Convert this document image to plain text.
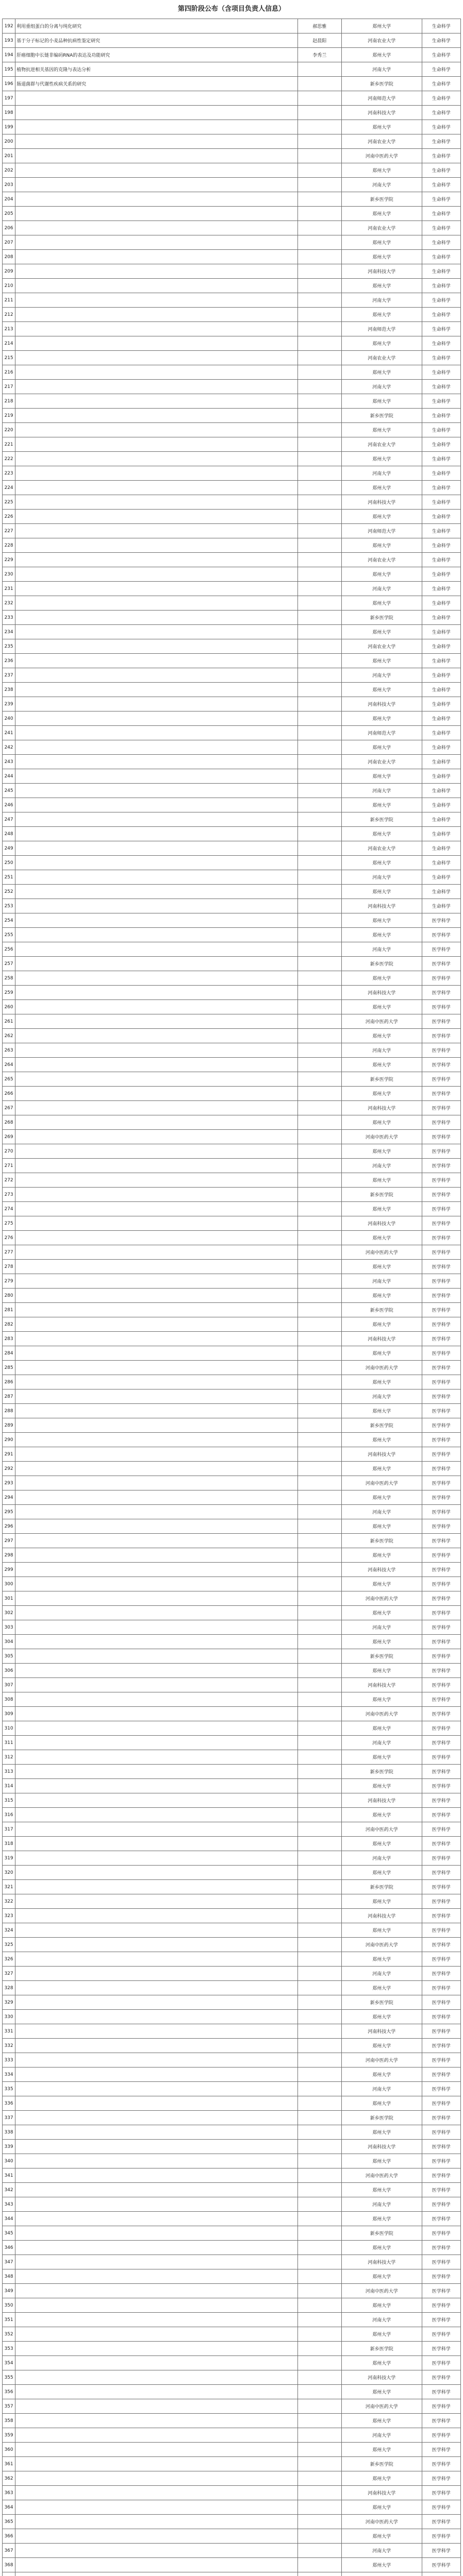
第四阶段公布（含项目负责人信息）
192	利用重组蛋白的分离与纯化研究	郝思雅	郑州大学	生命科学
193	基于分子标记的小麦品种抗病性鉴定研究	赵晨阳	河南农业大学	生命科学
194	肝癌细胞中长链非编码RNA的表达及功能研究	李秀兰	郑州大学	生命科学
195	植物抗逆相关基因的克隆与表达分析		河南大学	生命科学
196	肠道菌群与代谢性疾病关系的研究		新乡医学院	生命科学
197			河南师范大学	生命科学
198			河南科技大学	生命科学
199			郑州大学	生命科学
200			河南农业大学	生命科学
201			河南中医药大学	生命科学
202			郑州大学	生命科学
203			河南大学	生命科学
204			新乡医学院	生命科学
205			郑州大学	生命科学
206			河南农业大学	生命科学
207			郑州大学	生命科学
208			郑州大学	生命科学
209			河南科技大学	生命科学
210			郑州大学	生命科学
211			河南大学	生命科学
212			郑州大学	生命科学
213			河南师范大学	生命科学
214			郑州大学	生命科学
215			河南农业大学	生命科学
216			郑州大学	生命科学
217			河南大学	生命科学
218			郑州大学	生命科学
219			新乡医学院	生命科学
220			郑州大学	生命科学
221			河南农业大学	生命科学
222			郑州大学	生命科学
223			河南大学	生命科学
224			郑州大学	生命科学
225			河南科技大学	生命科学
226			郑州大学	生命科学
227			河南师范大学	生命科学
228			郑州大学	生命科学
229			河南农业大学	生命科学
230			郑州大学	生命科学
231			河南大学	生命科学
232			郑州大学	生命科学
233			新乡医学院	生命科学
234			郑州大学	生命科学
235			河南农业大学	生命科学
236			郑州大学	生命科学
237			河南大学	生命科学
238			郑州大学	生命科学
239			河南科技大学	生命科学
240			郑州大学	生命科学
241			河南师范大学	生命科学
242			郑州大学	生命科学
243			河南农业大学	生命科学
244			郑州大学	生命科学
245			河南大学	生命科学
246			郑州大学	生命科学
247			新乡医学院	生命科学
248			郑州大学	生命科学
249			河南农业大学	生命科学
250			郑州大学	生命科学
251			河南大学	生命科学
252			郑州大学	生命科学
253			河南科技大学	生命科学
254			郑州大学	医学科学
255			郑州大学	医学科学
256			河南大学	医学科学
257			新乡医学院	医学科学
258			郑州大学	医学科学
259			河南科技大学	医学科学
260			郑州大学	医学科学
261			河南中医药大学	医学科学
262			郑州大学	医学科学
263			河南大学	医学科学
264			郑州大学	医学科学
265			新乡医学院	医学科学
266			郑州大学	医学科学
267			河南科技大学	医学科学
268			郑州大学	医学科学
269			河南中医药大学	医学科学
270			郑州大学	医学科学
271			河南大学	医学科学
272			郑州大学	医学科学
273			新乡医学院	医学科学
274			郑州大学	医学科学
275			河南科技大学	医学科学
276			郑州大学	医学科学
277			河南中医药大学	医学科学
278			郑州大学	医学科学
279			河南大学	医学科学
280			郑州大学	医学科学
281			新乡医学院	医学科学
282			郑州大学	医学科学
283			河南科技大学	医学科学
284			郑州大学	医学科学
285			河南中医药大学	医学科学
286			郑州大学	医学科学
287			河南大学	医学科学
288			郑州大学	医学科学
289			新乡医学院	医学科学
290			郑州大学	医学科学
291			河南科技大学	医学科学
292			郑州大学	医学科学
293			河南中医药大学	医学科学
294			郑州大学	医学科学
295			河南大学	医学科学
296			郑州大学	医学科学
297			新乡医学院	医学科学
298			郑州大学	医学科学
299			河南科技大学	医学科学
300			郑州大学	医学科学
301			河南中医药大学	医学科学
302			郑州大学	医学科学
303			河南大学	医学科学
304			郑州大学	医学科学
305			新乡医学院	医学科学
306			郑州大学	医学科学
307			河南科技大学	医学科学
308			郑州大学	医学科学
309			河南中医药大学	医学科学
310			郑州大学	医学科学
311			河南大学	医学科学
312			郑州大学	医学科学
313			新乡医学院	医学科学
314			郑州大学	医学科学
315			河南科技大学	医学科学
316			郑州大学	医学科学
317			河南中医药大学	医学科学
318			郑州大学	医学科学
319			河南大学	医学科学
320			郑州大学	医学科学
321			新乡医学院	医学科学
322			郑州大学	医学科学
323			河南科技大学	医学科学
324			郑州大学	医学科学
325			河南中医药大学	医学科学
326			郑州大学	医学科学
327			河南大学	医学科学
328			郑州大学	医学科学
329			新乡医学院	医学科学
330			郑州大学	医学科学
331			河南科技大学	医学科学
332			郑州大学	医学科学
333			河南中医药大学	医学科学
334			郑州大学	医学科学
335			河南大学	医学科学
336			郑州大学	医学科学
337			新乡医学院	医学科学
338			郑州大学	医学科学
339			河南科技大学	医学科学
340			郑州大学	医学科学
341			河南中医药大学	医学科学
342			郑州大学	医学科学
343			河南大学	医学科学
344			郑州大学	医学科学
345			新乡医学院	医学科学
346			郑州大学	医学科学
347			河南科技大学	医学科学
348			郑州大学	医学科学
349			河南中医药大学	医学科学
350			郑州大学	医学科学
351			河南大学	医学科学
352			郑州大学	医学科学
353			新乡医学院	医学科学
354			郑州大学	医学科学
355			河南科技大学	医学科学
356			郑州大学	医学科学
357			河南中医药大学	医学科学
358			郑州大学	医学科学
359			河南大学	医学科学
360			郑州大学	医学科学
361			新乡医学院	医学科学
362			郑州大学	医学科学
363			河南科技大学	医学科学
364			郑州大学	医学科学
365			河南中医药大学	医学科学
366			郑州大学	医学科学
367			河南大学	医学科学
368			郑州大学	医学科学
